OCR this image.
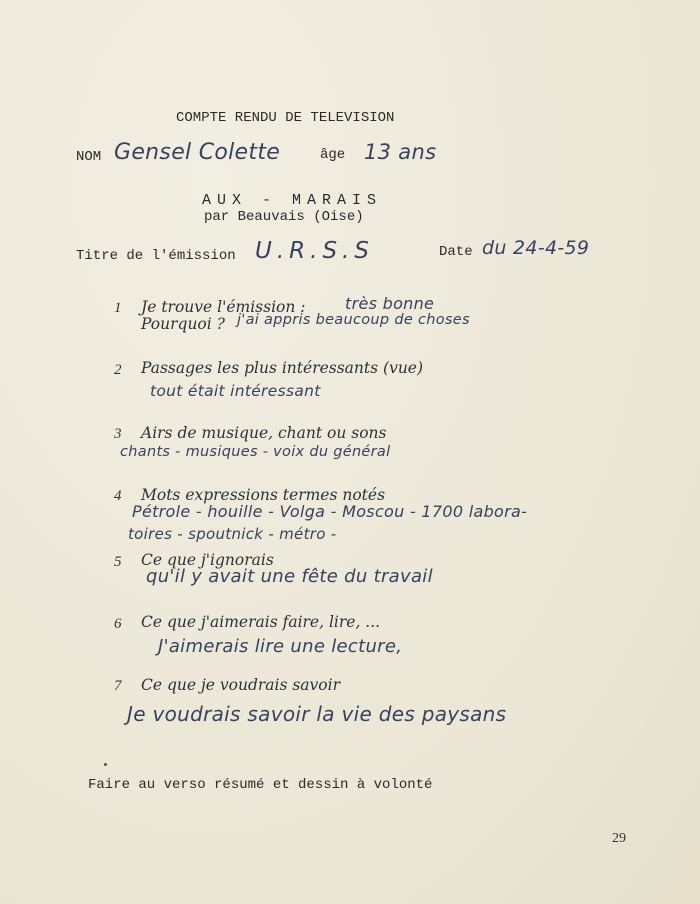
COMPTE RENDU DE TELEVISION
NOM Gensel Colette	âge 13 ans
AUX - MARAIS
par Beauvais (Oise)
Titre de l'émission U.R.S.S	Date du 24-4-59
1 Je trouve l'émission : très bonne
Pourquoi ? j'ai appris beaucoup de choses
2 Passages les plus intéressants (vue)
tout était intéressant
3 Airs de musique, chant ou sons
chants - musiques - voix du général
4 Mots expressions termes notés
Pétrole - houille - Volga - Moscou - 1700 labora-
toires - spoutnick - métro -
5 Ce que j'ignorais
qu'il y avait une fête du travail
6 Ce que j'aimerais faire, lire, ...
J'aimerais lire une lecture,
7 Ce que je voudrais savoir
Je voudrais savoir la vie des paysans
Faire au verso résumé et dessin à volonté
29
